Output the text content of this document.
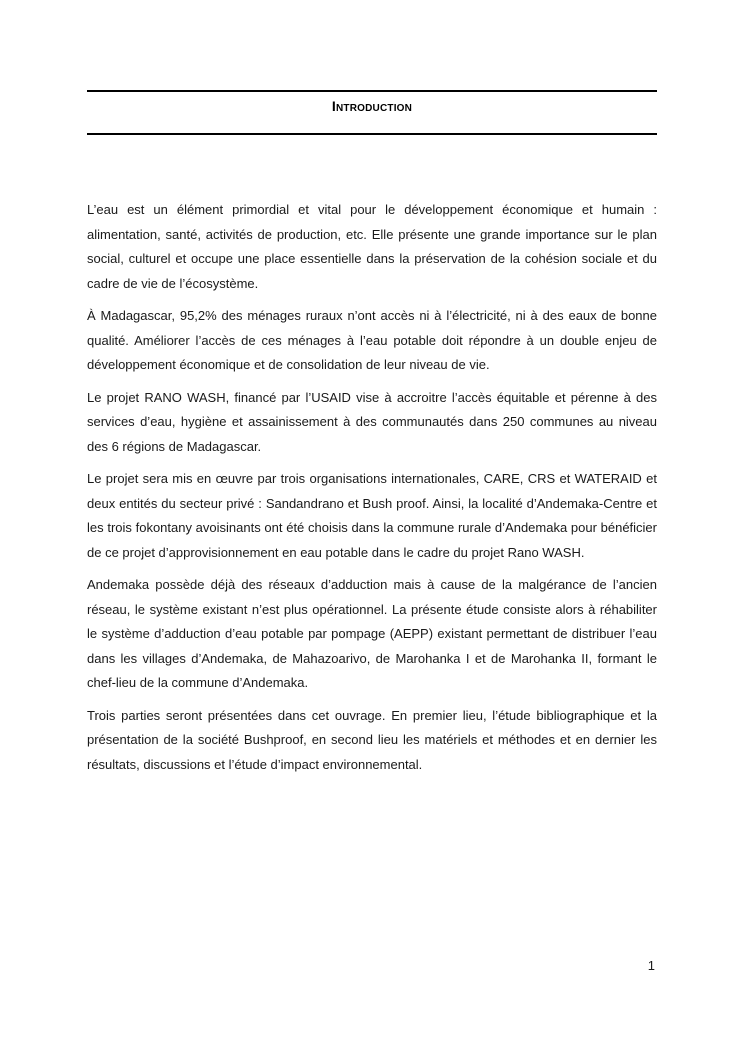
Introduction

L’eau est un élément primordial et vital pour le développement économique et humain : alimentation, santé, activités de production, etc. Elle présente une grande importance sur le plan social, culturel et occupe une place essentielle dans la préservation de la cohésion sociale et du cadre de vie de l’écosystème.

À Madagascar, 95,2% des ménages ruraux n’ont accès ni à l’électricité, ni à des eaux de bonne qualité. Améliorer l’accès de ces ménages à l’eau potable doit répondre à un double enjeu de développement économique et de consolidation de leur niveau de vie.

Le projet RANO WASH, financé par l’USAID vise à accroitre l’accès équitable et pérenne à des services d’eau, hygiène et assainissement à des communautés dans 250 communes au niveau des 6 régions de Madagascar.

Le projet sera mis en œuvre par trois organisations internationales, CARE, CRS et WATERAID et deux entités du secteur privé : Sandandrano et Bush proof. Ainsi, la localité d’Andemaka-Centre et les trois fokontany avoisinants ont été choisis dans la commune rurale d’Andemaka pour bénéficier de ce projet d’approvisionnement en eau potable dans le cadre du projet Rano WASH.

Andemaka possède déjà des réseaux d’adduction mais à cause de la malgérance de l’ancien réseau, le système existant n’est plus opérationnel. La présente étude consiste alors à réhabiliter le système d’adduction d’eau potable par pompage (AEPP) existant permettant de distribuer l’eau dans les villages d’Andemaka, de Mahazoarivo, de Marohanka I et de Marohanka II, formant le chef-lieu de la commune d’Andemaka.

Trois parties seront présentées dans cet ouvrage. En premier lieu, l’étude bibliographique et la présentation de la société Bushproof, en second lieu les matériels et méthodes et en dernier les résultats, discussions et l’étude d’impact environnemental.

1
